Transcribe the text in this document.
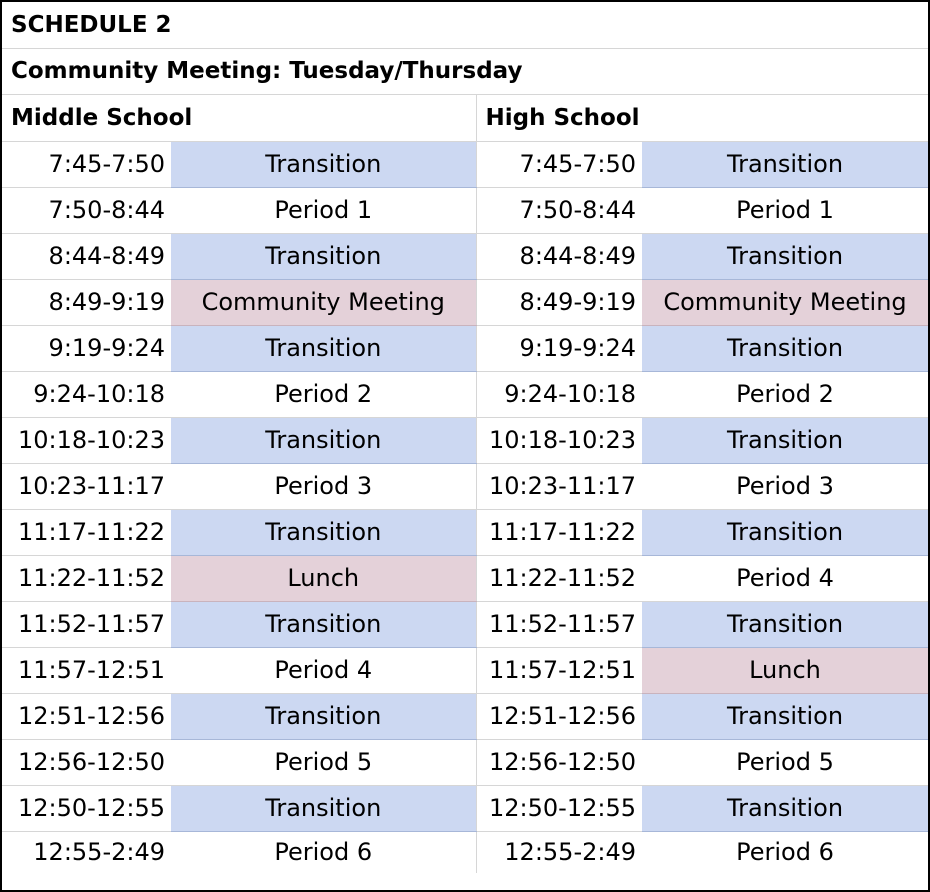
SCHEDULE 2			
Community Meeting: Tuesday/Thursday			
Middle School		High School	
7:45-7:50	Transition	7:45-7:50	Transition
7:50-8:44	Period 1	7:50-8:44	Period 1
8:44-8:49	Transition	8:44-8:49	Transition
8:49-9:19	Community Meeting	8:49-9:19	Community Meeting
9:19-9:24	Transition	9:19-9:24	Transition
9:24-10:18	Period 2	9:24-10:18	Period 2
10:18-10:23	Transition	10:18-10:23	Transition
10:23-11:17	Period 3	10:23-11:17	Period 3
11:17-11:22	Transition	11:17-11:22	Transition
11:22-11:52	Lunch	11:22-11:52	Period 4
11:52-11:57	Transition	11:52-11:57	Transition
11:57-12:51	Period 4	11:57-12:51	Lunch
12:51-12:56	Transition	12:51-12:56	Transition
12:56-12:50	Period 5	12:56-12:50	Period 5
12:50-12:55	Transition	12:50-12:55	Transition
12:55-2:49	Period 6	12:55-2:49	Period 6
